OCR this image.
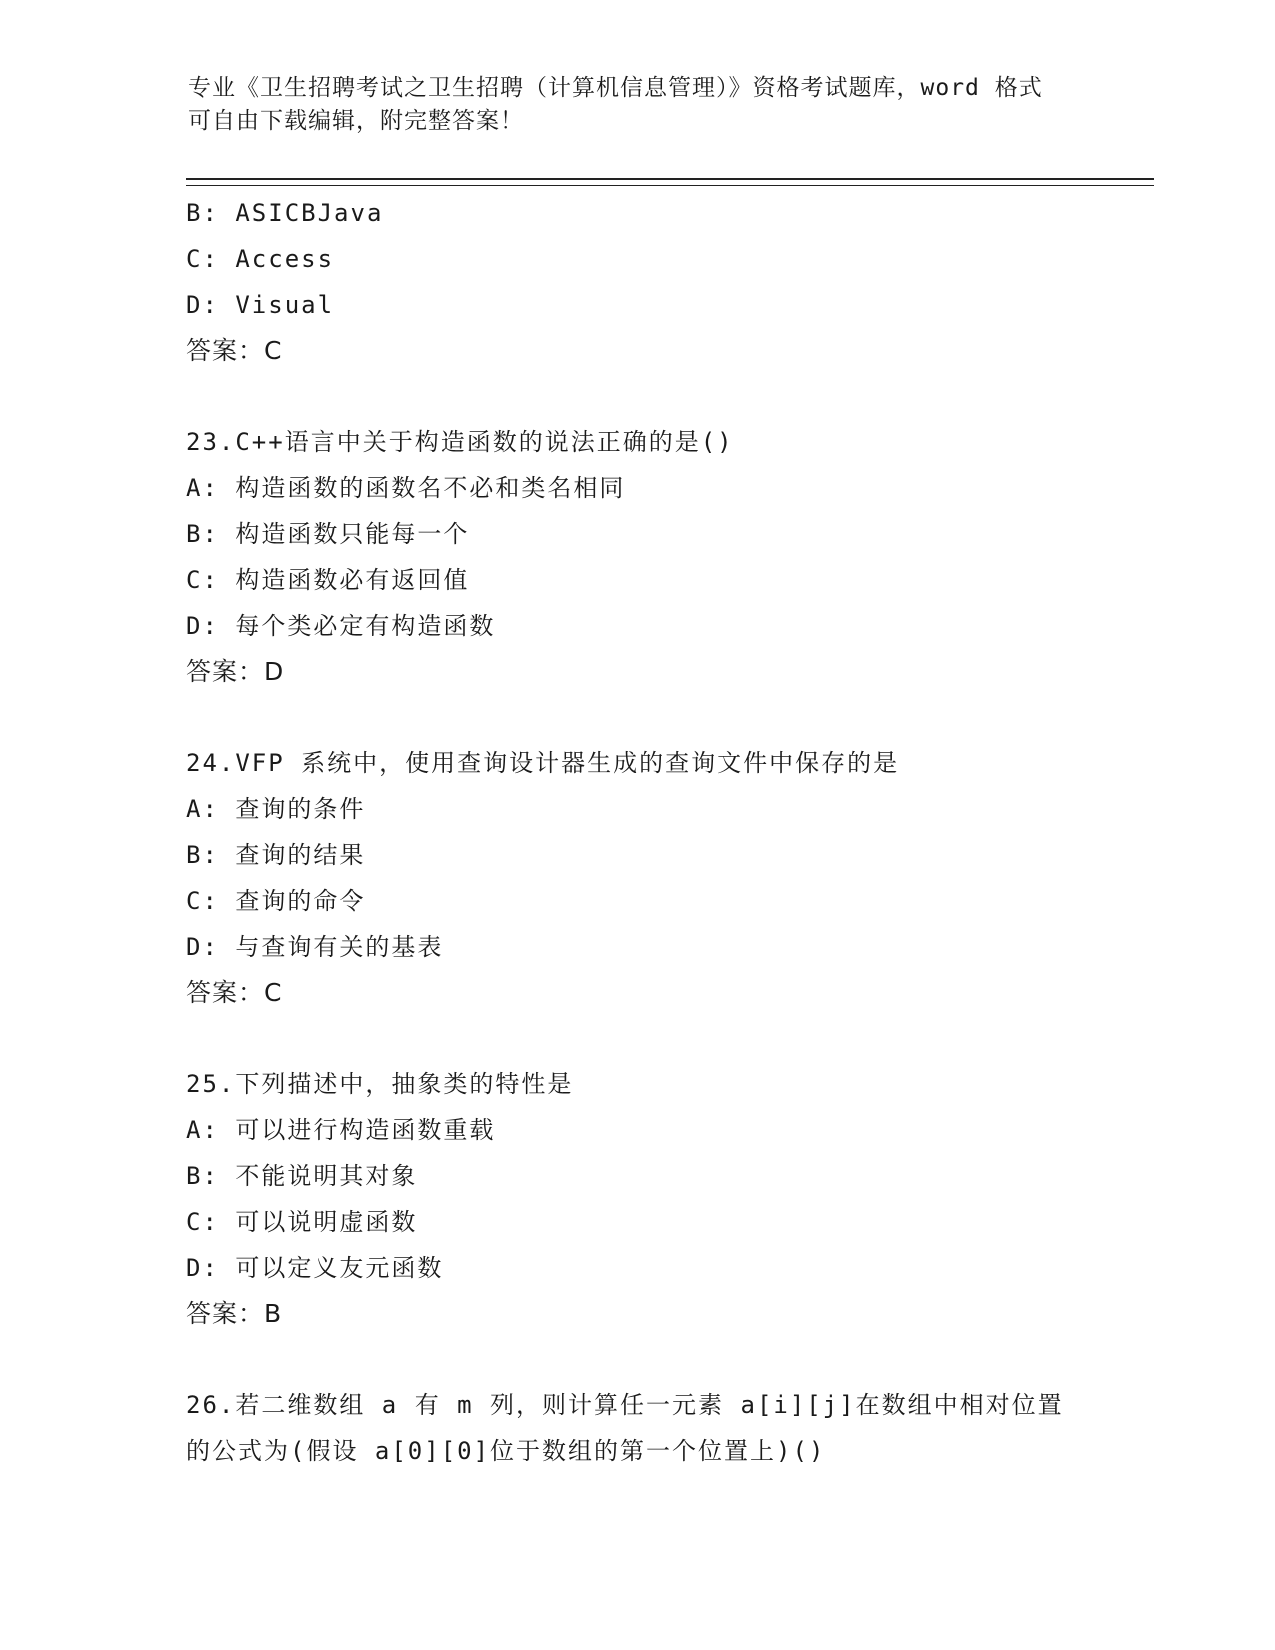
专业《卫生招聘考试之卫生招聘（计算机信息管理）》资格考试题库，word 格式
可自由下载编辑，附完整答案！
B: ASICBJava
C: Access
D: Visual
答案：C
23.C++语言中关于构造函数的说法正确的是()
A: 构造函数的函数名不必和类名相同
B: 构造函数只能每一个
C: 构造函数必有返回值
D: 每个类必定有构造函数
答案：D
24.VFP 系统中，使用查询设计器生成的查询文件中保存的是
A: 查询的条件
B: 查询的结果
C: 查询的命令
D: 与查询有关的基表
答案：C
25.下列描述中，抽象类的特性是
A: 可以进行构造函数重载
B: 不能说明其对象
C: 可以说明虚函数
D: 可以定义友元函数
答案：B
26.若二维数组 a 有 m 列，则计算任一元素 a[i][j]在数组中相对位置
的公式为(假设 a[0][0]位于数组的第一个位置上)()
